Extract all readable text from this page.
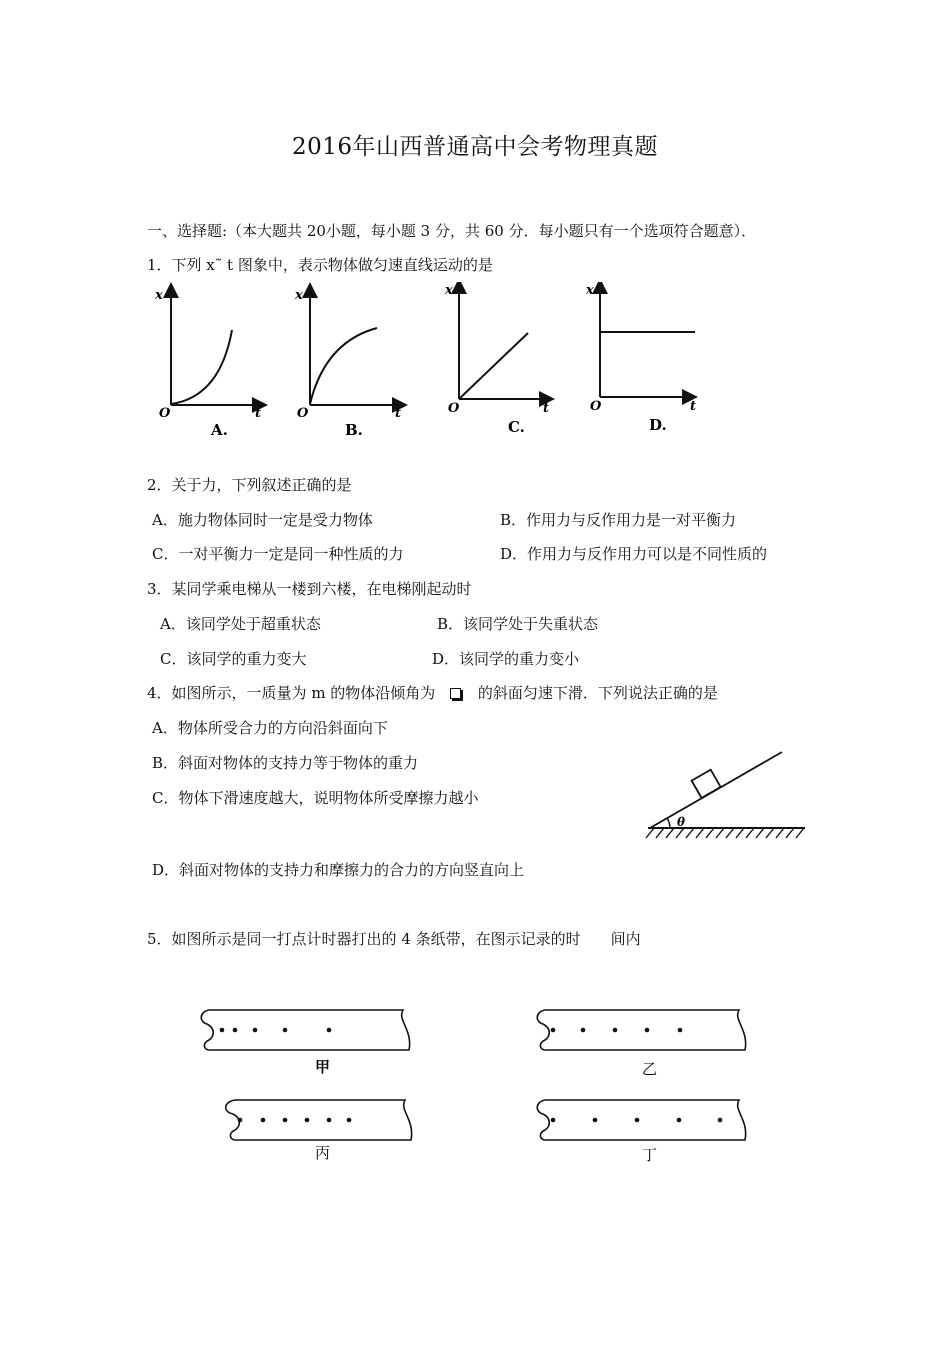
2016年山西普通高中会考物理真题
一、选择题:（本大题共 20小题，每小题 3 分，共 60 分．每小题只有一个选项符合题意）．
1．下列 x˜ t 图象中，表示物体做匀速直线运动的是
x
t
O
A.
x
t
O
B.
x
t
O
C.
x
t
O
D.
2．关于力，下列叙述正确的是
A．施力物体同时一定是受力物体	B．作用力与反作用力是一对平衡力
C．一对平衡力一定是同一种性质的力	D．作用力与反作用力可以是不同性质的
3．某同学乘电梯从一楼到六楼，在电梯刚起动时
A．该同学处于超重状态	B．该同学处于失重状态
C．该同学的重力变大	D．该同学的重力变小
4．如图所示，一质量为 m 的物体沿倾角为	的斜面匀速下滑．下列说法正确的是
A．物体所受合力的方向沿斜面向下
B．斜面对物体的支持力等于物体的重力
C．物体下滑速度越大，说明物体所受摩擦力越小
D．斜面对物体的支持力和摩擦力的合力的方向竖直向上
θ
5．如图所示是同一打点计时器打出的 4 条纸带，在图示记录的时　　间内
甲	乙
丙	丁
